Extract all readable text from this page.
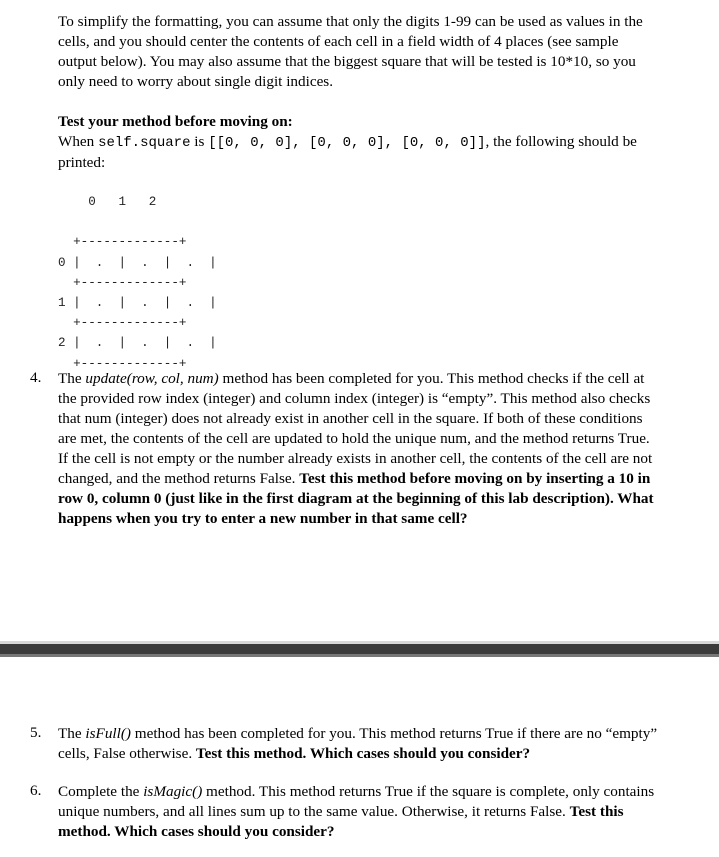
To simplify the formatting, you can assume that only the digits 1-99 can be used as values in the cells, and you should center the contents of each cell in a field width of 4 places (see sample output below). You may also assume that the biggest square that will be tested is 10*10, so you only need to worry about single digit indices.

Test your method before moving on:

When self.square is [[0, 0, 0], [0, 0, 0], [0, 0, 0]], the following should be printed:

0   1   2

+-------------+
0 |  .  |  .  |  .  |
+-------------+
1 |  .  |  .  |  .  |
+-------------+
2 |  .  |  .  |  .  |
+-------------+
4. The update(row, col, num) method has been completed for you. This method checks if the cell at the provided row index (integer) and column index (integer) is “empty”. This method also checks that num (integer) does not already exist in another cell in the square. If both of these conditions are met, the contents of the cell are updated to hold the unique num, and the method returns True. If the cell is not empty or the number already exists in another cell, the contents of the cell are not changed, and the method returns False. Test this method before moving on by inserting a 10 in row 0, column 0 (just like in the first diagram at the beginning of this lab description). What happens when you try to enter a new number in that same cell?

5. The isFull() method has been completed for you. This method returns True if there are no “empty” cells, False otherwise. Test this method. Which cases should you consider?

6. Complete the isMagic() method. This method returns True if the square is complete, only contains unique numbers, and all lines sum up to the same value. Otherwise, it returns False. Test this method. Which cases should you consider?
